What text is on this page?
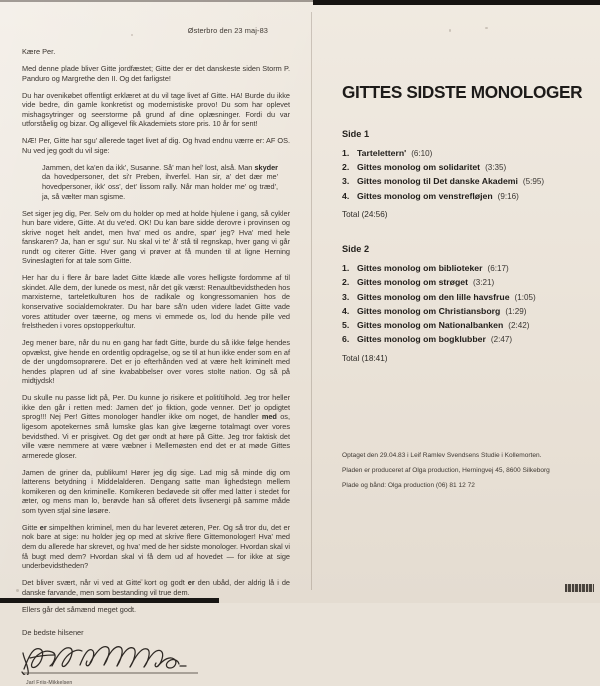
Østerbro den 23 maj-83

Kære Per.

Med denne plade bliver Gitte jordfæstet; Gitte der er det danskeste siden Storm P. Panduro og Margrethe den II. Og det farligste!

Du har ovenikøbet offentligt erklæret at du vil tage livet af Gitte. HA! Burde du ikke vide bedre, din gamle konkretist og modernistiske provo! Du som har oplevet mishagsytringer og seerstorme på grund af dine oplæsninger. Fordi du var utforståelig og bizar. Og alligevel fik Akademiets store pris. 10 år for sent!

NÆ! Per, Gitte har sgu' allerede taget livet af dig. Og hvad endnu værre er: AF OS. Nu ved jeg godt du vil sige:

Jammen, det ka'en da ikk', Susanne. Så' man hel' lost, alså. Man skyder da hovedpersoner, det si'r Preben, ihverfel. Han sir, a' det dær me' hovedpersoner, ikk' oss', det' lissom rally. Når man holder me' og træd', ja, så vælter man sgisme.

Set siger jeg dig, Per. Selv om du holder op med at holde hjulene i gang, så cykler hun bare videre, Gitte. At du ve'ed. OK! Du kan bare sidde derovre i provinsen og skrive noget helt andet, men hva' med os andre, spør' jeg? Hva' med hele fanskaren? Ja, han er sgu' sur. Nu skal vi te' å' stå til regnskap, hver gang vi går rundt og citerer Gitte. Hver gang vi prøver at få munden til at ligne Herning Svineslagteri for at tale som Gitte.

Her har du i flere år bare ladet Gitte klæde alle vores helligste fordomme af til skindet. Alle dem, der lunede os mest, når det gik værst: Renaultbevidstheden hos marxisterne, tarteletkulturen hos de radikale og kongressomanien hos de konservative socialdemokrater. Du har bare så'n uden videre ladet Gitte vade vores attituder over tæerne, og mens vi emmede os, lod du hende pille ved frelstheden i vores opstopperkultur.

Jeg mener bare, når du nu en gang har født Gitte, burde du så ikke følge hendes opvækst, give hende en ordentlig opdragelse, og se til at hun ikke ender som en af de der ungdomsoprørere. Det er jo efterhånden ved at være helt kriminelt med hendes plapren ud af sine kvababbelser over vores stolte nation. Og så på midtjydsk!

Du skulle nu passe lidt på, Per. Du kunne jo risikere et politítilhold. Jeg tror heller ikke den går i retten med: Jamen det' jo fiktion, gode venner. Det' jo opdigtet sprog!!! Nej Per! Gittes monologer handler ikke om noget, de handler med os, ligesom apotekernes små lumske glas kan give lægerne totalmagt over vores bevidsthed. Vi er prisgivet. Og det gør ondt at høre på Gitte. Jeg tror faktisk det ville være nemmere at være væbner i Mellemøsten end det er at møde Gittes armerede gloser.

Jamen de griner da, publikum! Hører jeg dig sige. Lad mig så minde dig om latterens betydning i Middelalderen. Dengang satte man lighedstegn mellem komikeren og den kriminelle. Komikeren bedøvede sit offer med latter i stedet for æter, og mens man lo, berøvde han så offeret dets livsenergi på samme måde som tyven stjal sine løsøre.

Gitte er simpelthen kriminel, men du har leveret æteren, Per. Og så tror du, det er nok bare at sige: nu holder jeg op med at skrive flere Gittemonologer! Hva' med dem du allerede har skrevet, og hva' med de her sidste monologer. Hvordan skal vi få bugt med dem? Hvordan skal vi få dem ud af hovedet — for ikke at sige underbevidstheden?

Det bliver svært, når vi ved at Gitte kort og godt er den ubåd, der aldrig lå i de danske farvande, men som bestanding vil true dem.

Ellers går det såmænd meget godt.

De bedste hilsener

Jarl Friis-Mikkelsen

GITTES SIDSTE MONOLOGER
Side 1
1. Tartelettern' (6:10)
2. Gittes monolog om solidaritet (3:35)
3. Gittes monolog til Det danske Akademi (5:95)
4. Gittes monolog om venstrefløjen (9:16)

Total (24:56)

Side 2
1. Gittes monolog om biblioteker (6:17)
2. Gittes monolog om strøget (3:21)
3. Gittes monolog om den lille havsfrue (1:05)
4. Gittes monolog om Christiansborg (1:29)
5. Gittes monolog om Nationalbanken (2:42)
6. Gittes monolog om bogklubber (2:47)

Total (18:41)

Optaget den 29.04.83 i Leif Ramlev Svendsens Studie i Kollemorten.

Pladen er produceret af Olga production, Herningvej 45, 8600 Silkeborg

Plade og bånd: Olga production (06) 81 12 72
